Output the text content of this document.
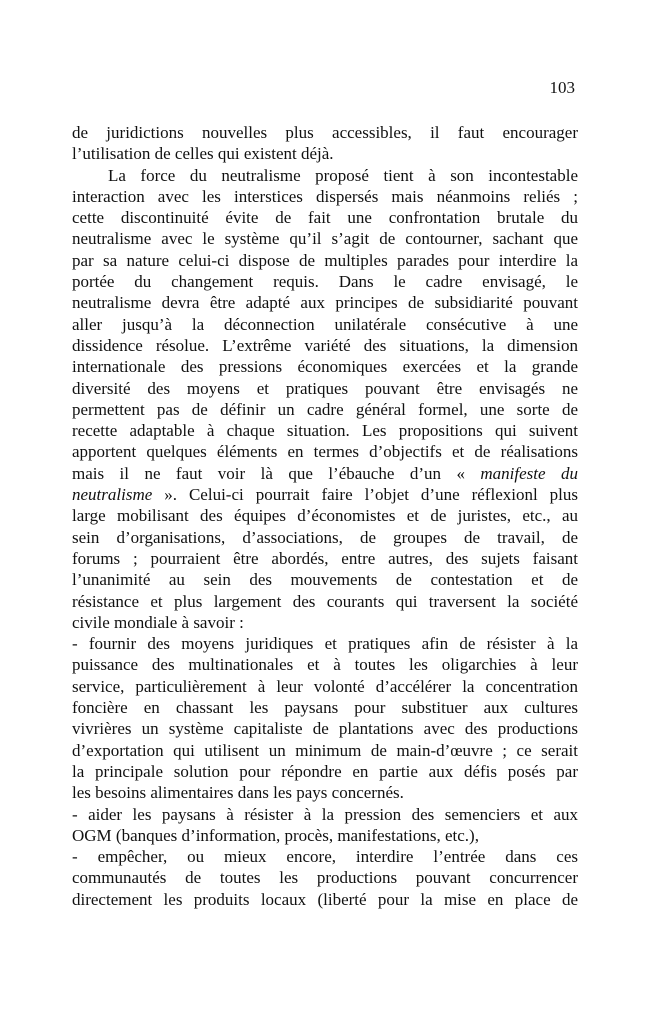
103
de juridictions nouvelles plus accessibles, il faut encourager
l’utilisation de celles qui existent déjà.
La force du neutralisme proposé tient à son incontestable
interaction avec les interstices dispersés mais néanmoins reliés ;
cette discontinuité évite de fait une confrontation brutale du
neutralisme avec le système qu’il s’agit de contourner, sachant que
par sa nature celui-ci dispose de multiples parades pour interdire la
portée du changement requis. Dans le cadre envisagé, le
neutralisme devra être adapté aux principes de subsidiarité pouvant
aller jusqu’à la déconnection unilatérale consécutive à une
dissidence résolue. L’extrême variété des situations, la dimension
internationale des pressions économiques exercées et la grande
diversité des moyens et pratiques pouvant être envisagés ne
permettent pas de définir un cadre général formel, une sorte de
recette adaptable à chaque situation. Les propositions qui suivent
apportent quelques éléments en termes d’objectifs et de réalisations
mais il ne faut voir là que l’ébauche d’un « manifeste du
neutralisme ». Celui-ci pourrait faire l’objet d’une réflexionl plus
large mobilisant des équipes d’économistes et de juristes, etc., au
sein d’organisations, d’associations, de groupes de travail, de
forums ; pourraient être abordés, entre autres, des sujets faisant
l’unanimité au sein des mouvements de contestation et de
résistance et plus largement des courants qui traversent la société
civile mondiale à savoir :
- fournir des moyens juridiques et pratiques afin de résister à la
puissance des multinationales et à toutes les oligarchies à leur
service, particulièrement à leur volonté d’accélérer la concentration
foncière en chassant les paysans pour substituer aux cultures
vivrières un système capitaliste de plantations avec des productions
d’exportation qui utilisent un minimum de main-d’œuvre ; ce serait
la principale solution pour répondre en partie aux défis posés par
les besoins alimentaires dans les pays concernés.
- aider les paysans à résister à la pression des semenciers et aux
OGM (banques d’information, procès, manifestations, etc.),
- empêcher, ou mieux encore, interdire l’entrée dans ces
communautés de toutes les productions pouvant concurrencer
directement les produits locaux (liberté pour la mise en place de
